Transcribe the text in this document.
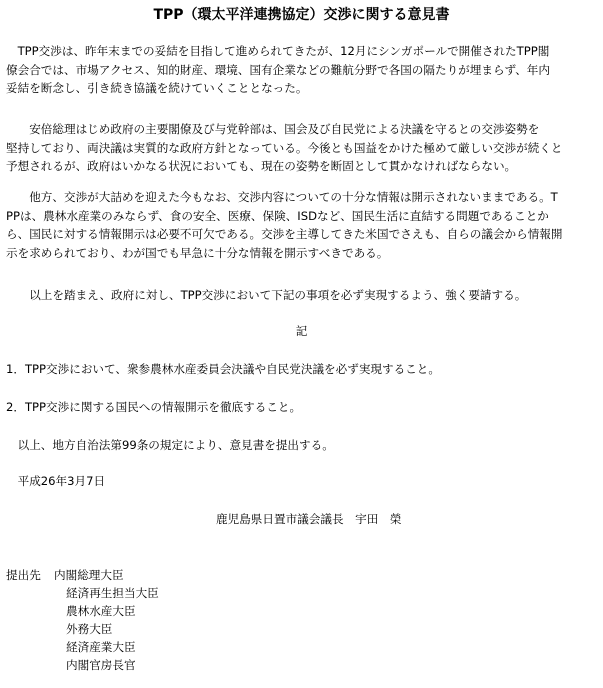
TPP（環太平洋連携協定）交渉に関する意見書
　TPP交渉は、昨年末までの妥結を目指して進められてきたが、12月にシンガポールで開催されたTPP閣
僚会合では、市場アクセス、知的財産、環境、国有企業などの難航分野で各国の隔たりが埋まらず、年内
妥結を断念し、引き続き協議を続けていくこととなった。
　　安倍総理はじめ政府の主要閣僚及び与党幹部は、国会及び自民党による決議を守るとの交渉姿勢を
堅持しており、両決議は実質的な政府方針となっている。今後とも国益をかけた極めて厳しい交渉が続くと
予想されるが、政府はいかなる状況においても、現在の姿勢を断固として貫かなければならない。
　　他方、交渉が大詰めを迎えた今もなお、交渉内容についての十分な情報は開示されないままである。T
PPは、農林水産業のみならず、食の安全、医療、保険、ISDなど、国民生活に直結する問題であることか
ら、国民に対する情報開示は必要不可欠である。交渉を主導してきた米国でさえも、自らの議会から情報開
示を求められており、わが国でも早急に十分な情報を開示すべきである。
　　以上を踏まえ、政府に対し、TPP交渉において下記の事項を必ず実現するよう、強く要請する。
記
1．TPP交渉において、衆参農林水産委員会決議や自民党決議を必ず実現すること。
2．TPP交渉に関する国民への情報開示を徹底すること。
　以上、地方自治法第99条の規定により、意見書を提出する。
　平成26年3月7日
鹿児島県日置市議会議長　宇田　榮
提出先 内閣総理大臣
経済再生担当大臣
農林水産大臣
外務大臣
経済産業大臣
内閣官房長官
